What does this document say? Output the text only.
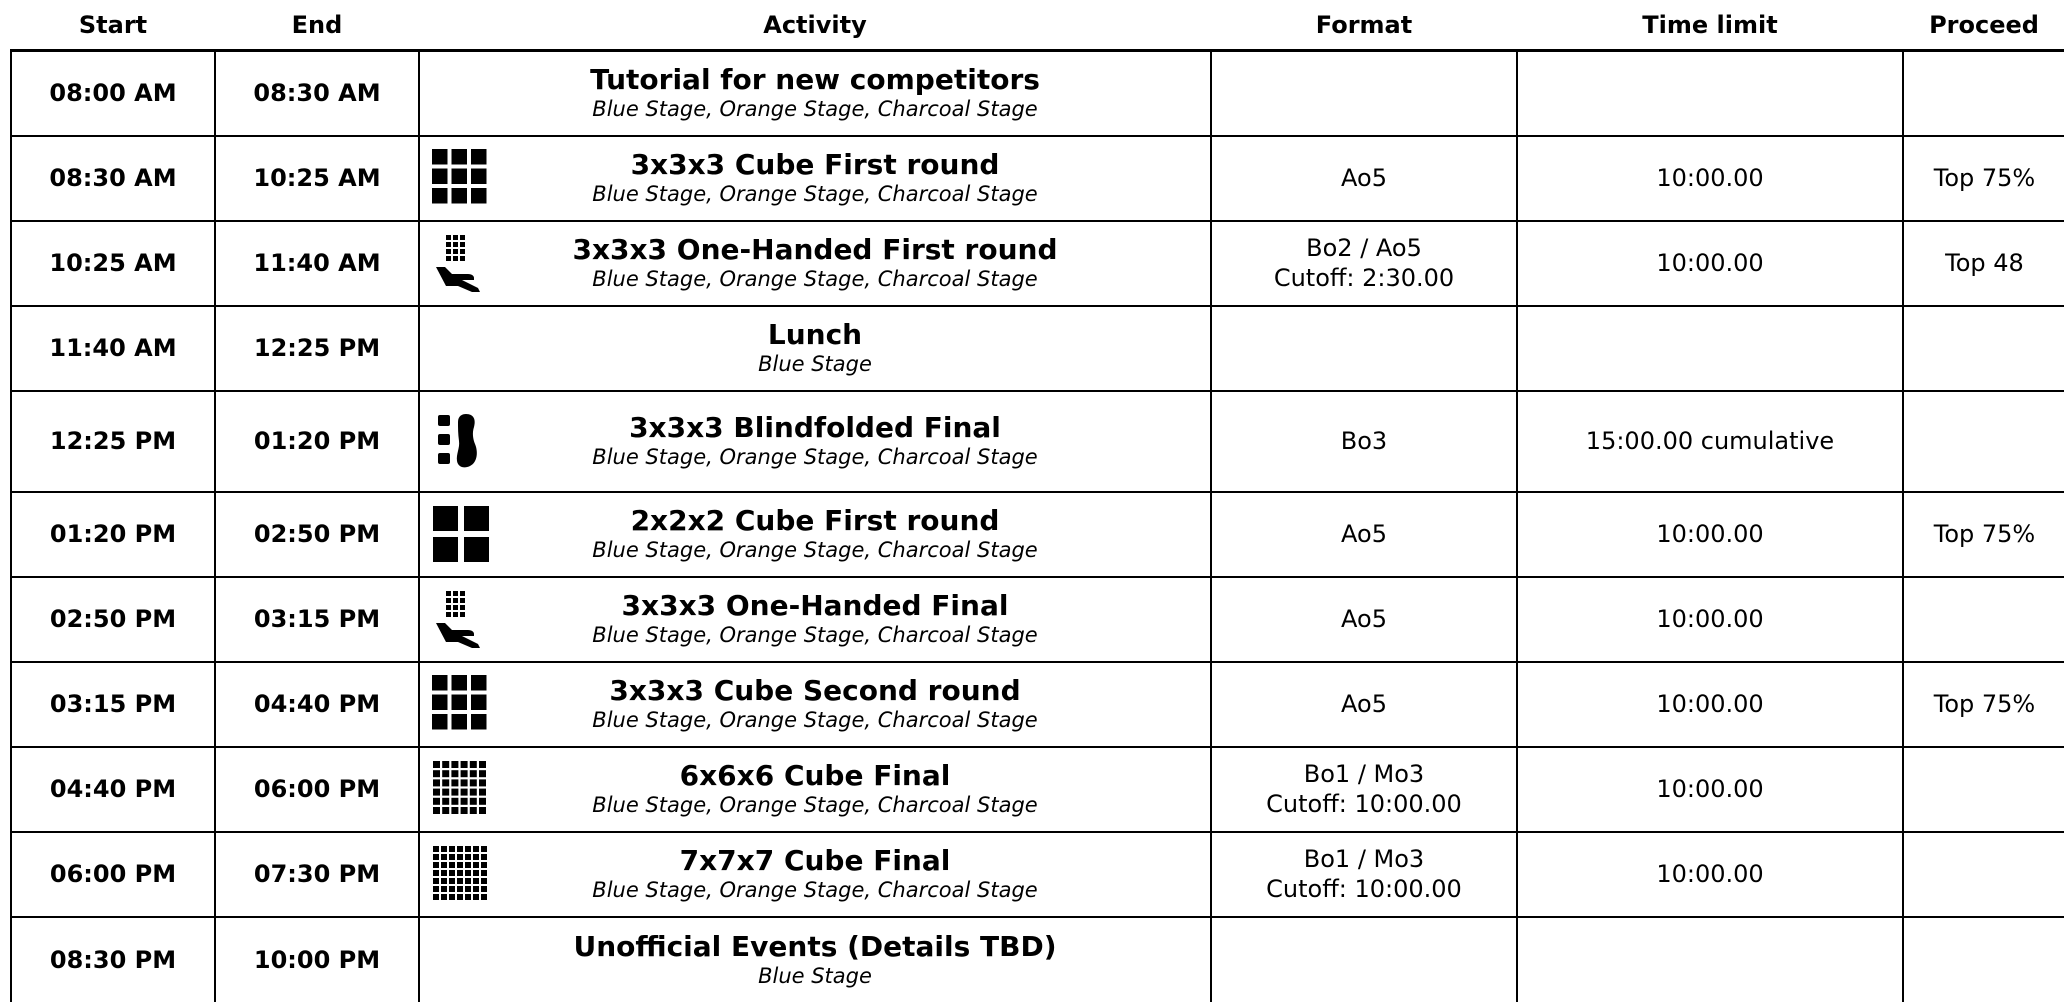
Start	End	Activity	Format	Time limit	Proceed
08:00 AM	08:30 AM	Tutorial for new competitors
Blue Stage, Orange Stage, Charcoal Stage			

08:30 AM	10:25 AM	3x3x3 Cube First round
Blue Stage, Orange Stage, Charcoal Stage	Ao5	10:00.00	Top 75%
10:25 AM	11:40 AM	3x3x3 One-Handed First round
Blue Stage, Orange Stage, Charcoal Stage	Bo2 / Ao5
Cutoff: 2:30.00	10:00.00	Top 48
11:40 AM	12:25 PM	Lunch
Blue Stage			

12:25 PM	01:20 PM	3x3x3 Blindfolded Final
Blue Stage, Orange Stage, Charcoal Stage	Bo3	15:00.00 cumulative	
01:20 PM	02:50 PM	2x2x2 Cube First round
Blue Stage, Orange Stage, Charcoal Stage	Ao5	10:00.00	Top 75%
02:50 PM	03:15 PM	3x3x3 One-Handed Final
Blue Stage, Orange Stage, Charcoal Stage	Ao5	10:00.00	
03:15 PM	04:40 PM	3x3x3 Cube Second round
Blue Stage, Orange Stage, Charcoal Stage	Ao5	10:00.00	Top 75%
04:40 PM	06:00 PM	6x6x6 Cube Final
Blue Stage, Orange Stage, Charcoal Stage	Bo1 / Mo3
Cutoff: 10:00.00	10:00.00	
06:00 PM	07:30 PM	7x7x7 Cube Final
Blue Stage, Orange Stage, Charcoal Stage	Bo1 / Mo3
Cutoff: 10:00.00	10:00.00	
08:30 PM	10:00 PM	Unofficial Events (Details TBD)
Blue Stage			
